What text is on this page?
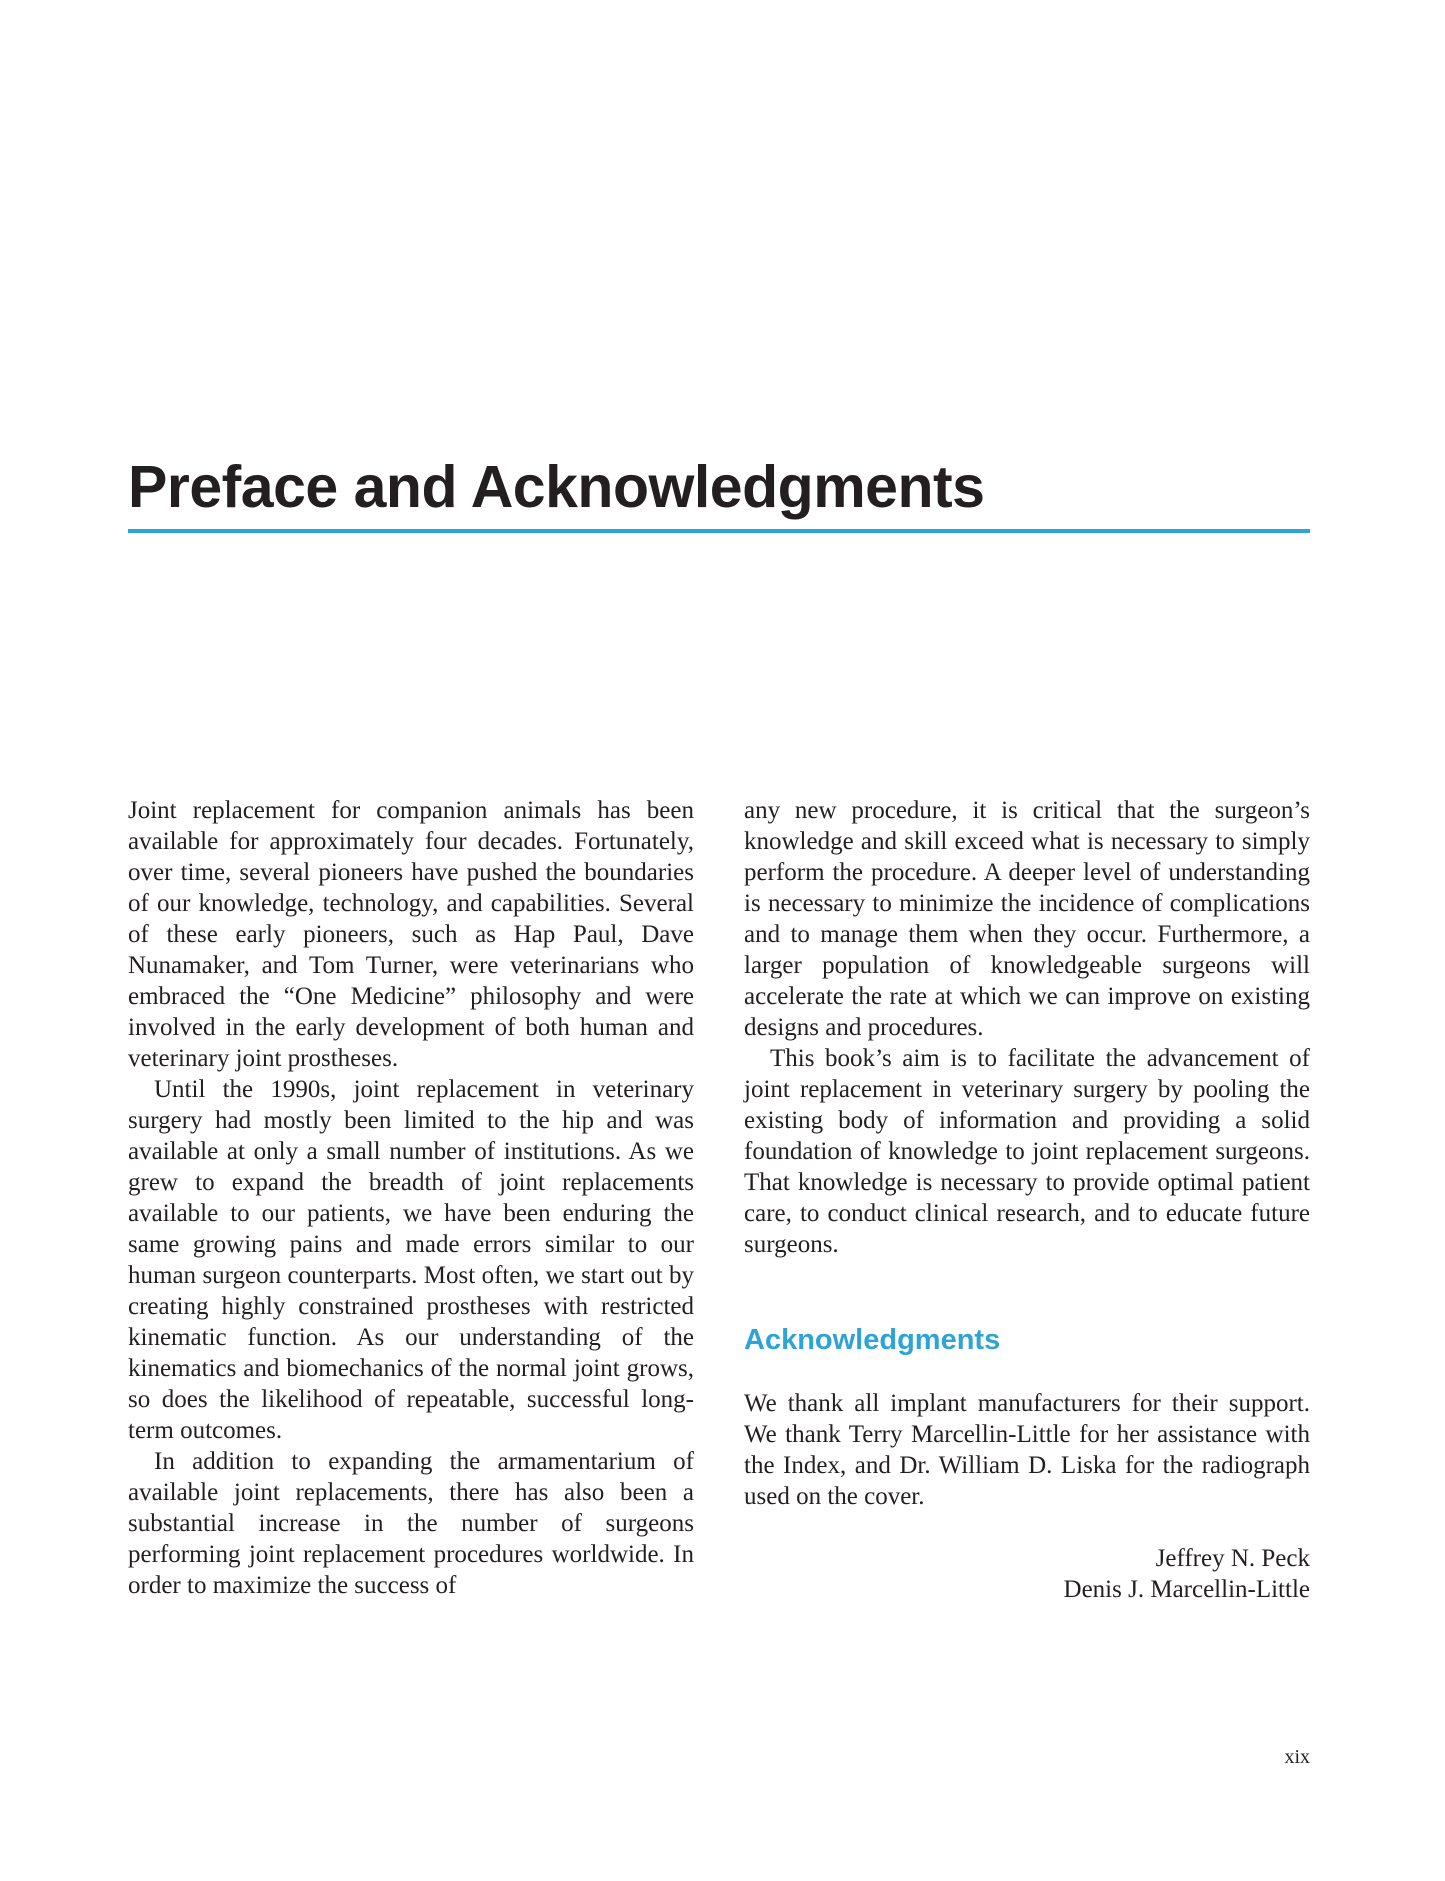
Preface and Acknowledgments

Joint replacement for companion animals has been available for approximately four decades. Fortunately, over time, several pioneers have pushed the boundaries of our knowledge, technology, and capabilities. Several of these early pioneers, such as Hap Paul, Dave Nunamaker, and Tom Turner, were veterinarians who embraced the “One Medicine” philosophy and were involved in the early development of both human and veterinary joint prostheses.

Until the 1990s, joint replacement in veterinary surgery had mostly been limited to the hip and was available at only a small number of institutions. As we grew to expand the breadth of joint replacements available to our patients, we have been enduring the same growing pains and made errors similar to our human surgeon counterparts. Most often, we start out by creating highly constrained prostheses with restricted kinematic function. As our understanding of the kinematics and biomechanics of the normal joint grows, so does the likelihood of repeatable, successful long-term outcomes.

In addition to expanding the armamentarium of available joint replacements, there has also been a substantial increase in the number of surgeons performing joint replacement procedures worldwide. In order to maximize the success of

any new procedure, it is critical that the surgeon’s knowledge and skill exceed what is necessary to simply perform the procedure. A deeper level of understanding is necessary to minimize the incidence of complications and to manage them when they occur. Furthermore, a larger population of knowledgeable surgeons will accelerate the rate at which we can improve on existing designs and procedures.

This book’s aim is to facilitate the advancement of joint replacement in veterinary surgery by pooling the existing body of information and providing a solid foundation of knowledge to joint replacement surgeons. That knowledge is necessary to provide optimal patient care, to conduct clinical research, and to educate future surgeons.

Acknowledgments

We thank all implant manufacturers for their support. We thank Terry Marcellin-Little for her assistance with the Index, and Dr. William D. Liska for the radiograph used on the cover.

Jeffrey N. Peck
Denis J. Marcellin-Little
xix
